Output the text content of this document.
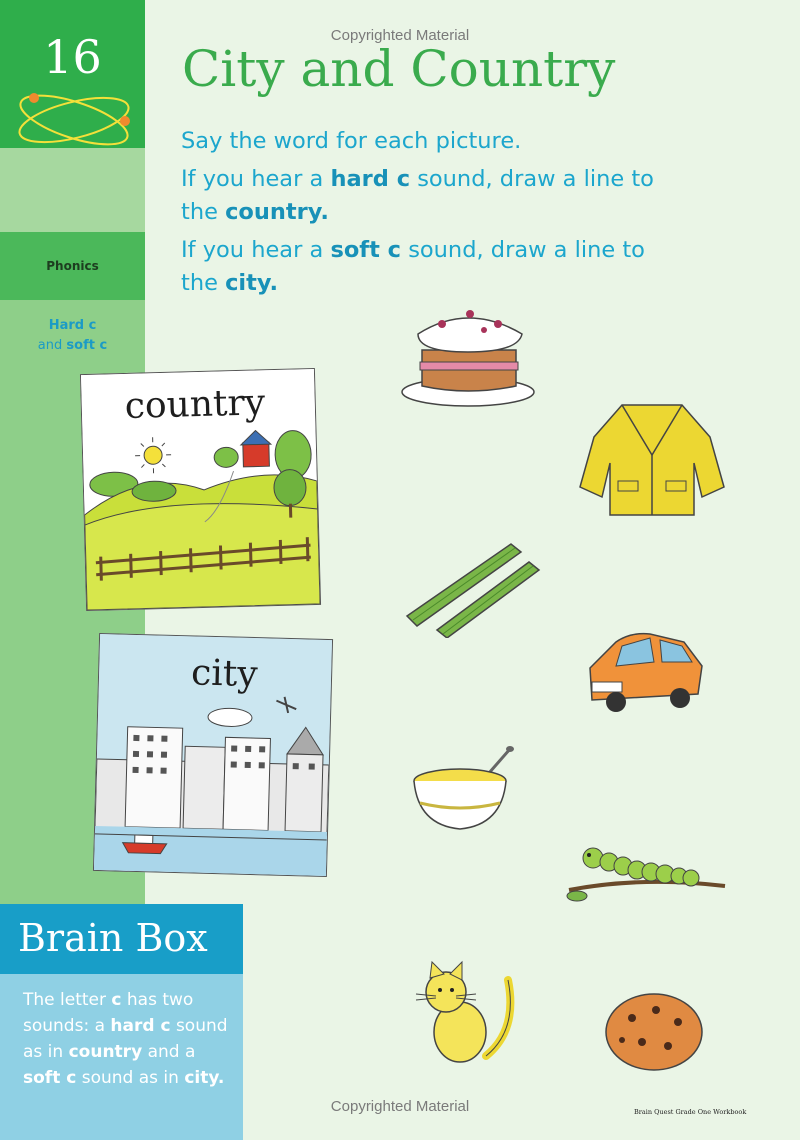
16
Phonics
Hard c
and soft c
Copyrighted Material
City and Country
Say the word for each picture.
If you hear a hard c sound, draw a line to the country.
If you hear a soft c sound, draw a line to the city.
country
city
Brain Box
The letter c has two sounds: a hard c sound as in country and a soft c sound as in city.
Copyrighted Material	Brain Quest Grade One Workbook
